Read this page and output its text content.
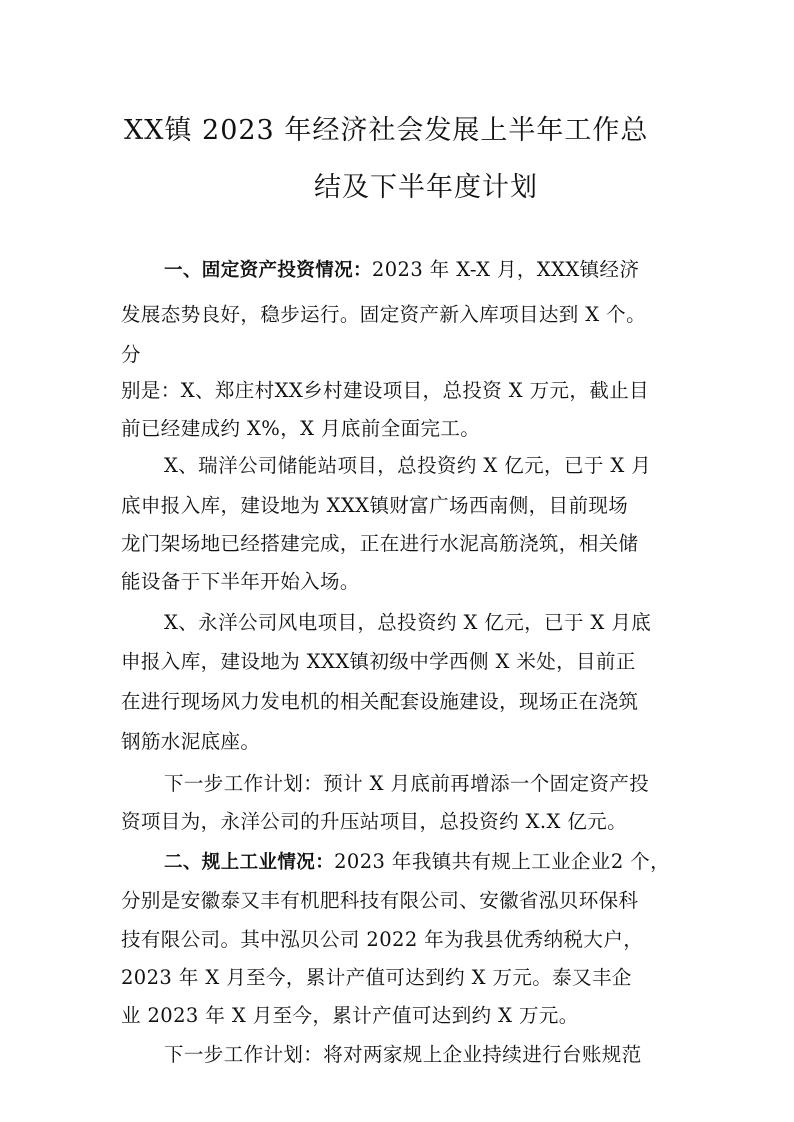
XX镇 2023 年经济社会发展上半年工作总
结及下半年度计划
一、固定资产投资情况：2023 年 X-X 月，XXX镇经济
发展态势良好，稳步运行。固定资产新入库项目达到 X 个。
分
别是：X、郑庄村XX乡村建设项目，总投资 X 万元，截止目
前已经建成约 X%，X 月底前全面完工。
X、瑞洋公司储能站项目，总投资约 X 亿元，已于 X 月
底申报入库，建设地为 XXX镇财富广场西南侧，目前现场
龙门架场地已经搭建完成，正在进行水泥高筋浇筑，相关储
能设备于下半年开始入场。
X、永洋公司风电项目，总投资约 X 亿元，已于 X 月底
申报入库，建设地为 XXX镇初级中学西侧 X 米处，目前正
在进行现场风力发电机的相关配套设施建设，现场正在浇筑
钢筋水泥底座。
下一步工作计划：预计 X 月底前再增添一个固定资产投
资项目为，永洋公司的升压站项目，总投资约 X.X 亿元。
二、规上工业情况：2023 年我镇共有规上工业企业2 个，
分别是安徽泰又丰有机肥科技有限公司、安徽省泓贝环保科
技有限公司。其中泓贝公司 2022 年为我县优秀纳税大户，
2023 年 X 月至今，累计产值可达到约 X 万元。泰又丰企
业 2023 年 X 月至今，累计产值可达到约 X 万元。
下一步工作计划：将对两家规上企业持续进行台账规范
